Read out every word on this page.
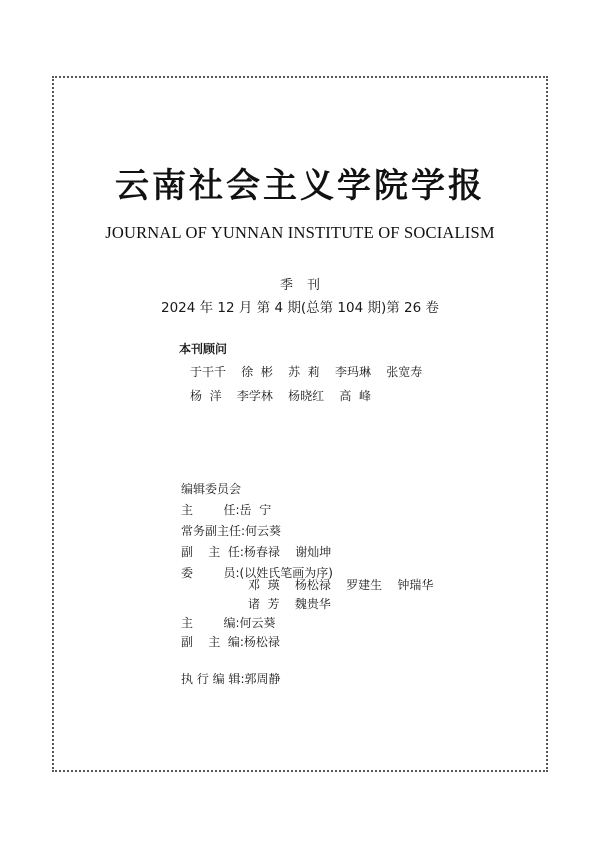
云南社会主义学院学报
JOURNAL OF YUNNAN INSTITUTE OF SOCIALISM
季刊
2024 年 12 月 第 4 期(总第 104 期)第 26 卷
本刊顾问
于干千    徐  彬    苏  莉    李玛琳    张宽寿
杨  洋    李学林    杨晓红    高  峰
编辑委员会
主        任:岳  宁
常务副主任:何云葵
副    主  任:杨春禄    谢灿坤
委        员:(以姓氏笔画为序)
邓  瑛    杨松禄    罗建生    钟瑞华
诸  芳    魏贵华
主        编:何云葵
副    主  编:杨松禄
执 行 编 辑:郭周静
